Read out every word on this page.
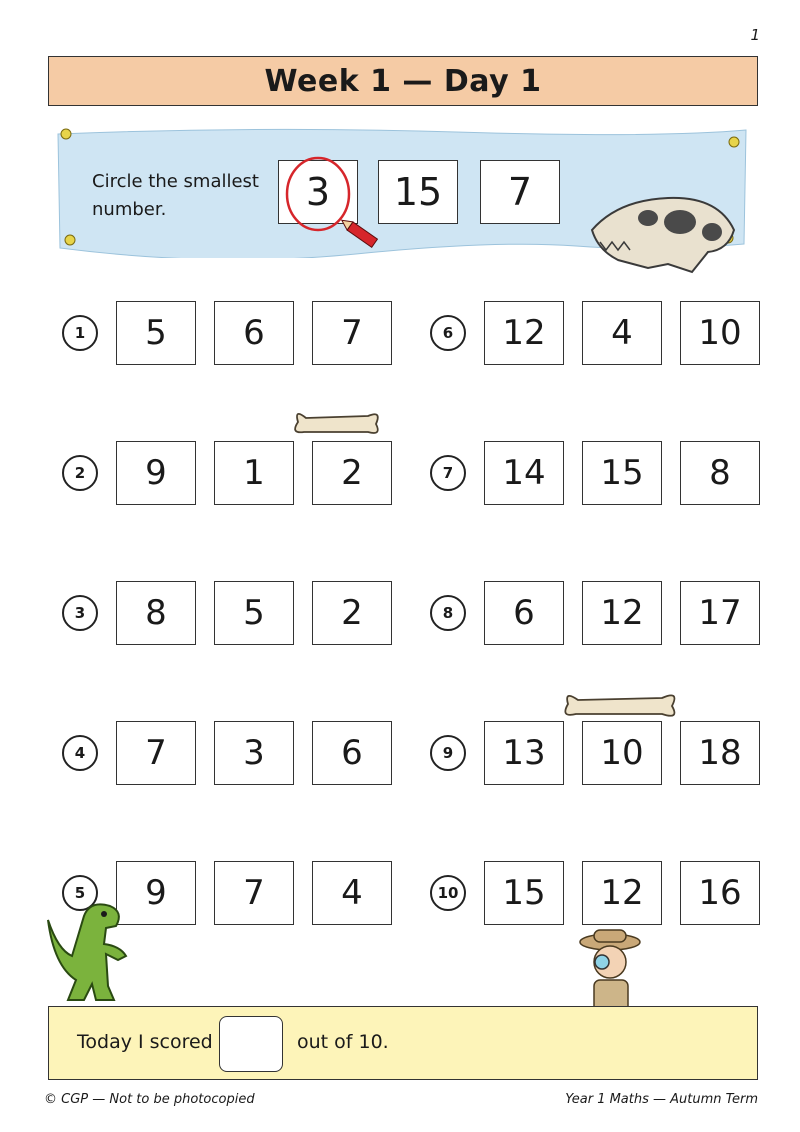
1
Week 1 — Day 1
Circle the smallest number.	3	15	7
1	5	6	7
2	9	1	2
3	8	5	2
4	7	3	6
5	9	7	4
6	12	4	10
7	14	15	8
8	6	12	17
9	13	10	18
10	15	12	16
Today I scored	out of 10.
© CGP — Not to be photocopied	Year 1 Maths — Autumn Term
